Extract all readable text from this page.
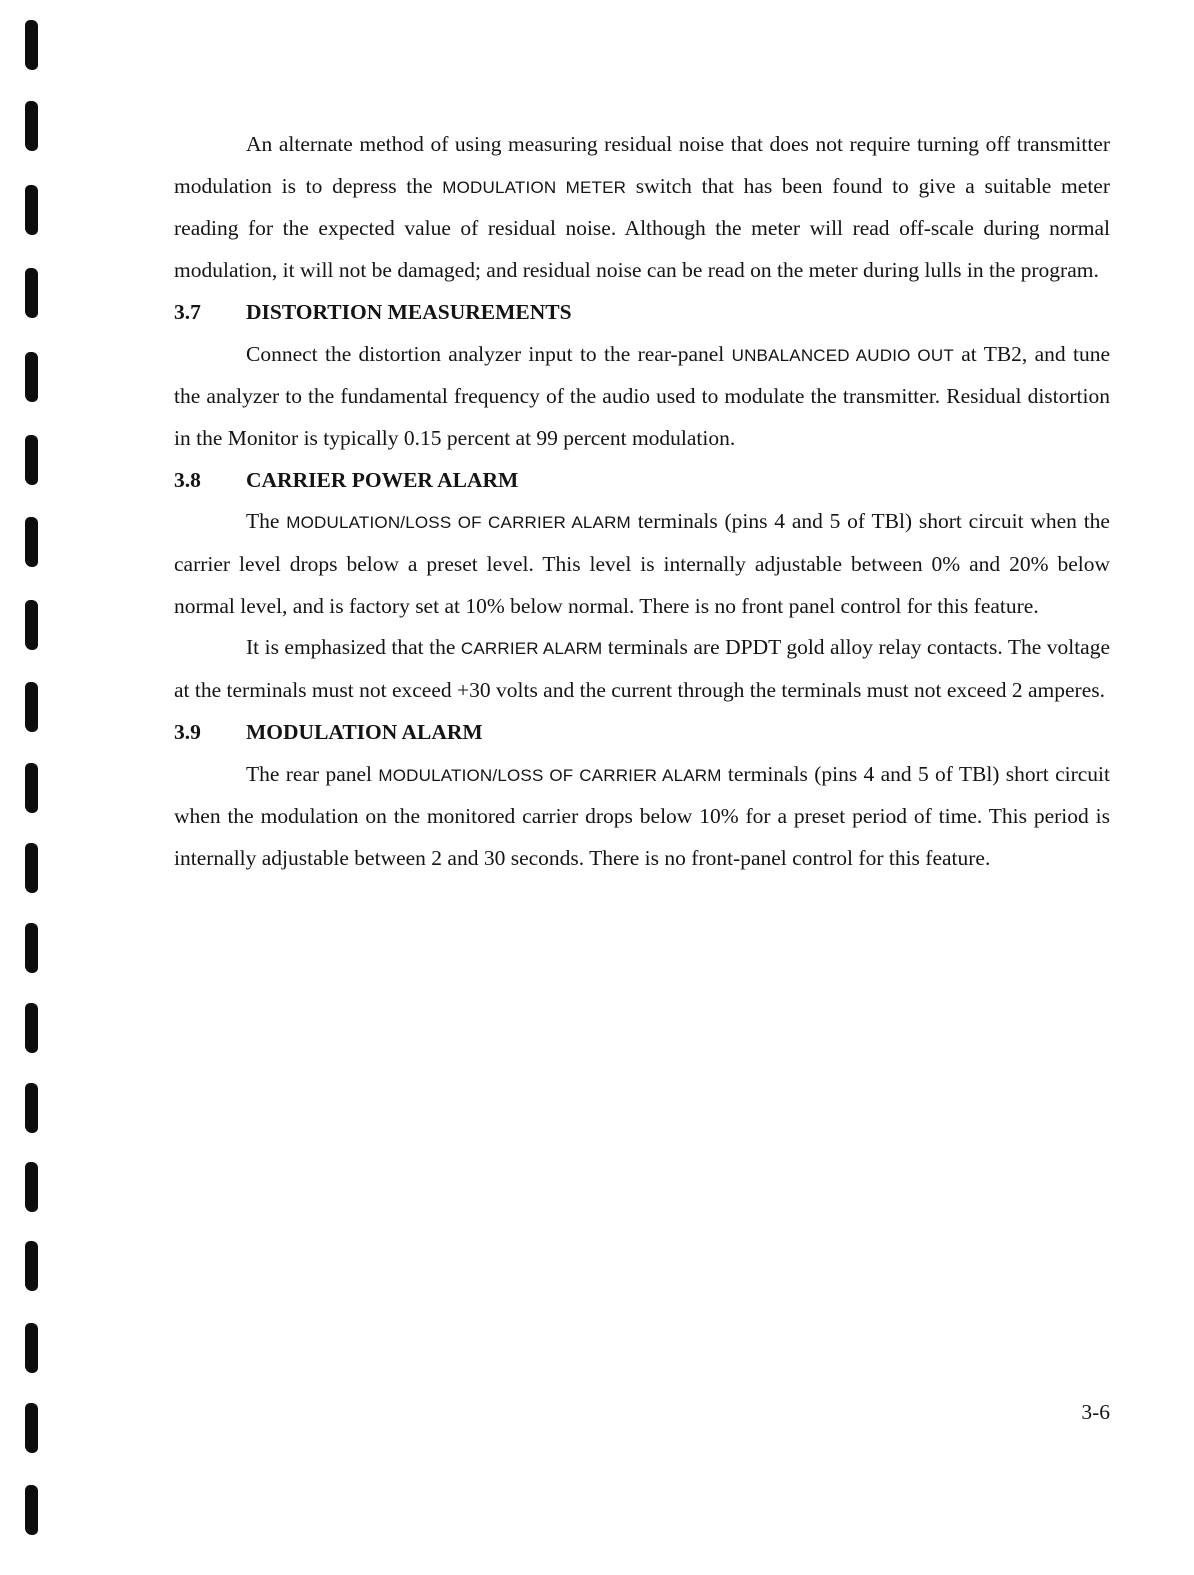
An alternate method of using measuring residual noise that does not require turning off transmitter modulation is to depress the MODULATION METER switch that has been found to give a suitable meter reading for the expected value of residual noise. Although the meter will read off-scale during normal modulation, it will not be damaged; and residual noise can be read on the meter during lulls in the program.

3.7 DISTORTION MEASUREMENTS

Connect the distortion analyzer input to the rear-panel UNBALANCED AUDIO OUT at TB2, and tune the analyzer to the fundamental frequency of the audio used to modulate the transmitter. Residual distortion in the Monitor is typically 0.15 percent at 99 percent modulation.

3.8 CARRIER POWER ALARM

The MODULATION/LOSS OF CARRIER ALARM terminals (pins 4 and 5 of TBl) short circuit when the carrier level drops below a preset level. This level is internally adjustable between 0% and 20% below normal level, and is factory set at 10% below normal. There is no front panel control for this feature.

It is emphasized that the CARRIER ALARM terminals are DPDT gold alloy relay contacts. The voltage at the terminals must not exceed +30 volts and the current through the terminals must not exceed 2 amperes.

3.9 MODULATION ALARM

The rear panel MODULATION/LOSS OF CARRIER ALARM terminals (pins 4 and 5 of TBl) short circuit when the modulation on the monitored carrier drops below 10% for a preset period of time. This period is internally adjustable between 2 and 30 seconds. There is no front-panel control for this feature.

3-6
